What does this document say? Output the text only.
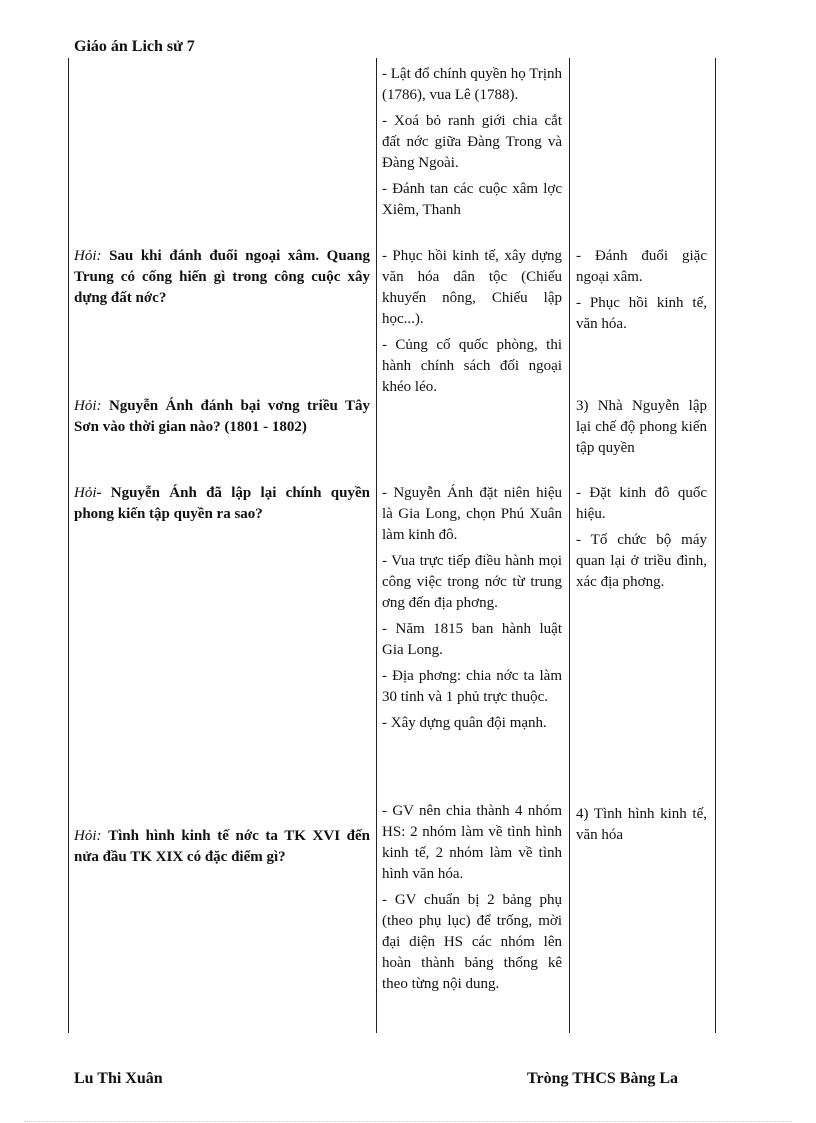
Giáo án Lich sử 7

- Lật đổ chính quyền họ Trịnh (1786), vua Lê (1788).

- Xoá bỏ ranh giới chia cắt đất nớc giữa Đàng Trong và Đàng Ngoài.

- Đánh tan các cuộc xâm lợc Xiêm, Thanh

Hỏi: Sau khi đánh đuổi ngoại xâm. Quang Trung có cống hiến gì trong công cuộc xây dựng đất nớc?

- Phục hồi kinh tế, xây dựng văn hóa dân tộc (Chiếu khuyến nông, Chiếu lập học...).

- Củng cố quốc phòng, thi hành chính sách đối ngoại khéo léo.

- Đánh đuổi giặc ngoại xâm.

- Phục hồi kinh tế, văn hóa.

Hỏi: Nguyễn Ánh đánh bại vơng triều Tây Sơn vào thời gian nào? (1801 - 1802)

3) Nhà Nguyễn lập lại chế độ phong kiến tập quyền

Hỏi- Nguyễn Ánh đã lập lại chính quyền phong kiến tập quyền ra sao?

- Nguyễn Ánh đặt niên hiệu là Gia Long, chọn Phú Xuân làm kinh đô.

- Vua trực tiếp điều hành mọi công việc trong nớc từ trung ơng đến địa phơng.

- Năm 1815 ban hành luật Gia Long.

- Địa phơng: chia nớc ta làm 30 tỉnh và 1 phủ trực thuộc.

- Xây dựng quân đội mạnh.

- Đặt kinh đô quốc hiệu.

- Tổ chức bộ máy quan lại ở triều đình, xác địa phơng.

Hỏi: Tình hình kinh tế nớc ta TK XVI đến nửa đầu TK XIX có đặc điểm gì?

- GV nên chia thành 4 nhóm HS: 2 nhóm làm về tình hình kinh tế, 2 nhóm làm về tình hình văn hóa.

- GV chuẩn bị 2 bảng phụ (theo phụ lục) để trống, mời đại diện HS các nhóm lên hoàn thành bảng thống kê theo từng nội dung.

4) Tình hình kinh tế, văn hóa

Lu Thi Xuân	Tròng THCS Bàng La
